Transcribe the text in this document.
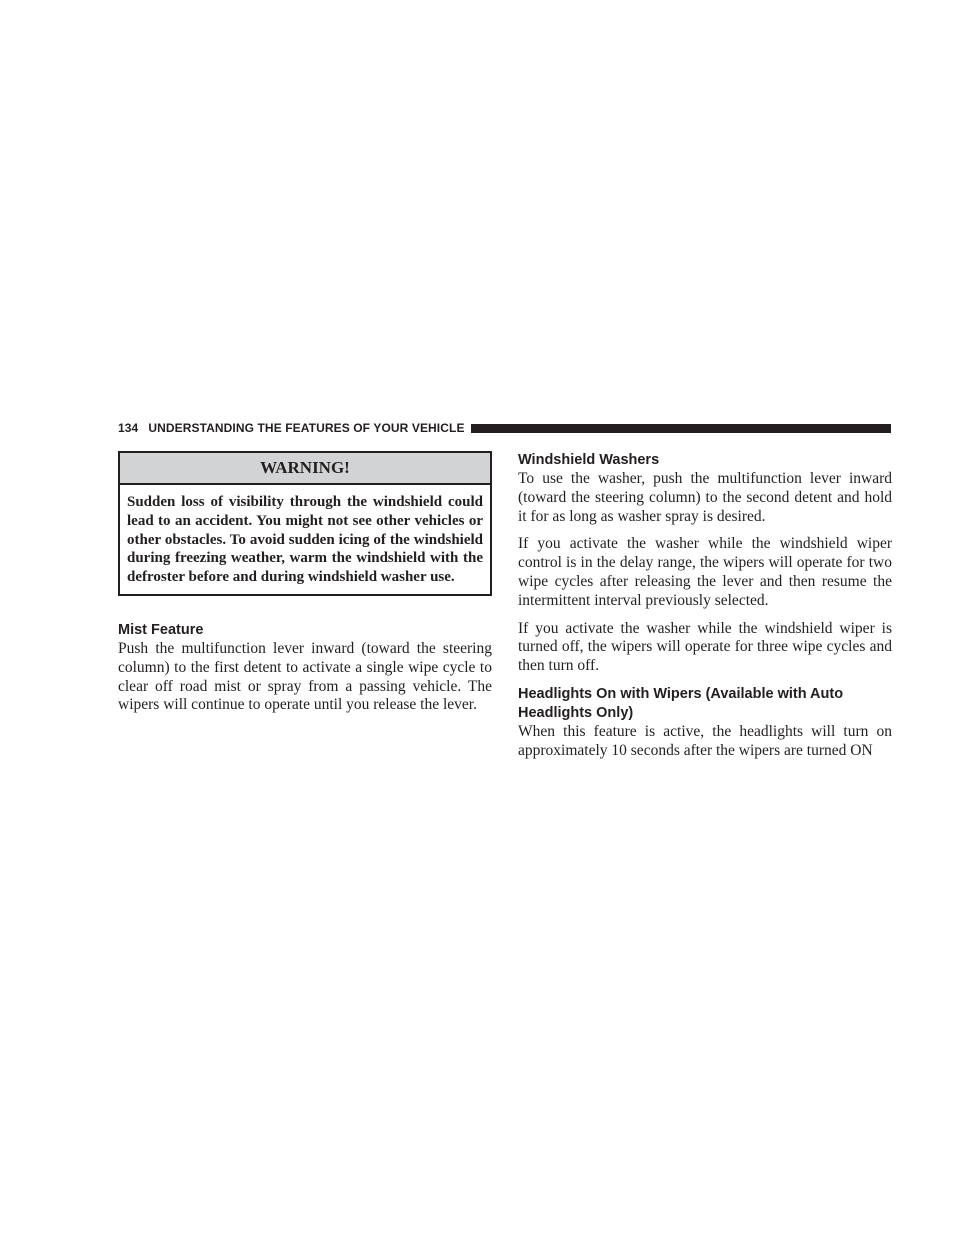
134 UNDERSTANDING THE FEATURES OF YOUR VEHICLE
WARNING!
Sudden loss of visibility through the windshield could lead to an accident. You might not see other vehicles or other obstacles. To avoid sudden icing of the windshield during freezing weather, warm the windshield with the defroster before and during windshield washer use.
Mist Feature

Push the multifunction lever inward (toward the steering column) to the first detent to activate a single wipe cycle to clear off road mist or spray from a passing vehicle. The wipers will continue to operate until you release the lever.

Windshield Washers

To use the washer, push the multifunction lever inward (toward the steering column) to the second detent and hold it for as long as washer spray is desired.

If you activate the washer while the windshield wiper control is in the delay range, the wipers will operate for two wipe cycles after releasing the lever and then resume the intermittent interval previously selected.

If you activate the washer while the windshield wiper is turned off, the wipers will operate for three wipe cycles and then turn off.

Headlights On with Wipers (Available with Auto Headlights Only)

When this feature is active, the headlights will turn on approximately 10 seconds after the wipers are turned ON
